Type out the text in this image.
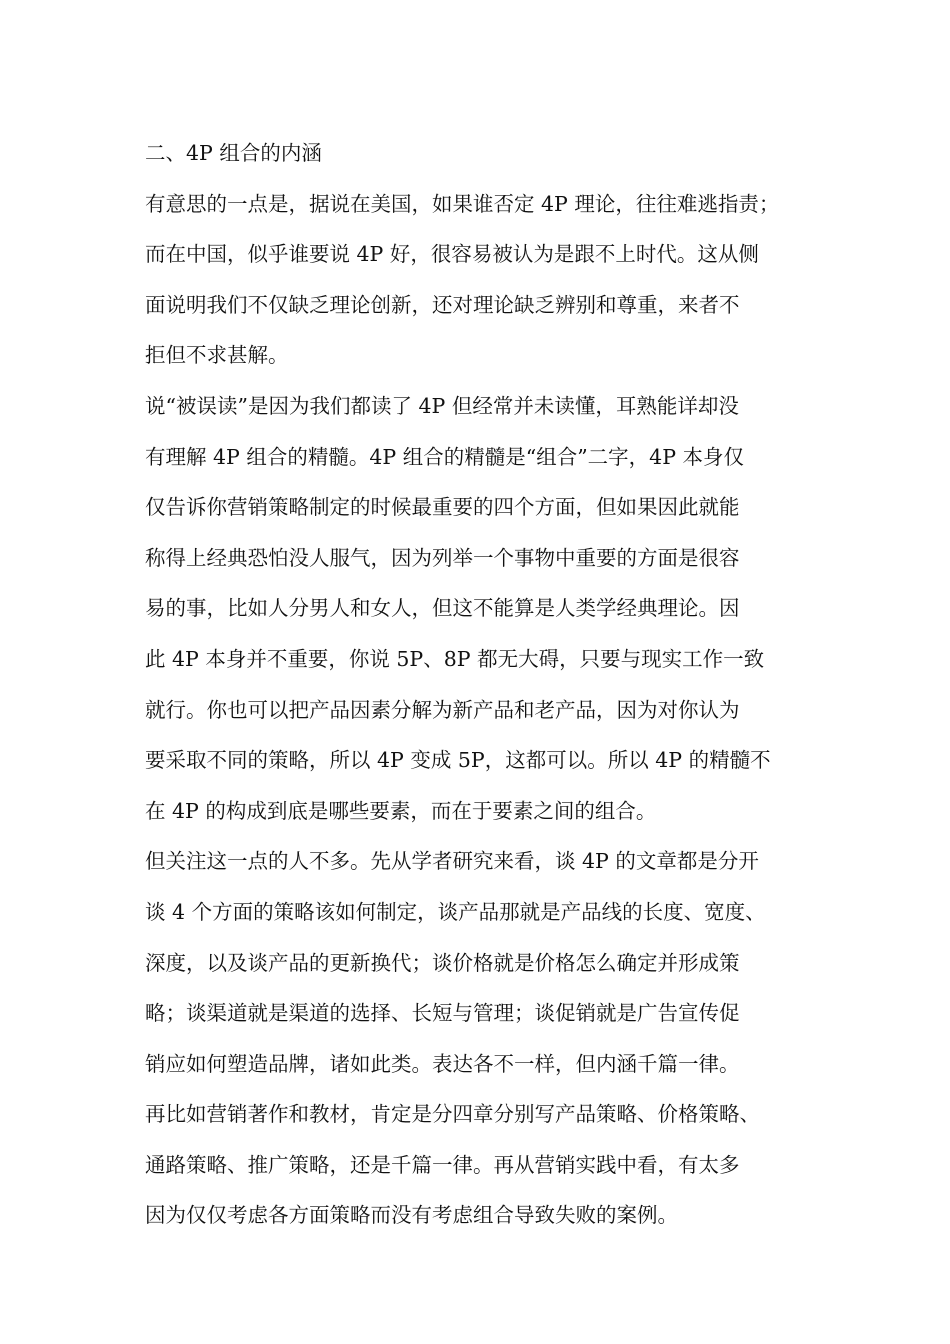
二、4P 组合的内涵
有意思的一点是，据说在美国，如果谁否定 4P 理论，往往难逃指责；
而在中国，似乎谁要说 4P 好，很容易被认为是跟不上时代。这从侧
面说明我们不仅缺乏理论创新，还对理论缺乏辨别和尊重，来者不
拒但不求甚解。
说“被误读”是因为我们都读了 4P 但经常并未读懂，耳熟能详却没
有理解 4P 组合的精髓。4P 组合的精髓是“组合”二字，4P 本身仅
仅告诉你营销策略制定的时候最重要的四个方面，但如果因此就能
称得上经典恐怕没人服气，因为列举一个事物中重要的方面是很容
易的事，比如人分男人和女人，但这不能算是人类学经典理论。因
此 4P 本身并不重要，你说 5P、8P 都无大碍，只要与现实工作一致
就行。你也可以把产品因素分解为新产品和老产品，因为对你认为
要采取不同的策略，所以 4P 变成 5P，这都可以。所以 4P 的精髓不
在 4P 的构成到底是哪些要素，而在于要素之间的组合。
但关注这一点的人不多。先从学者研究来看，谈 4P 的文章都是分开
谈 4 个方面的策略该如何制定，谈产品那就是产品线的长度、宽度、
深度，以及谈产品的更新换代；谈价格就是价格怎么确定并形成策
略；谈渠道就是渠道的选择、长短与管理；谈促销就是广告宣传促
销应如何塑造品牌，诸如此类。表达各不一样，但内涵千篇一律。
再比如营销著作和教材，肯定是分四章分别写产品策略、价格策略、
通路策略、推广策略，还是千篇一律。再从营销实践中看，有太多
因为仅仅考虑各方面策略而没有考虑组合导致失败的案例。
